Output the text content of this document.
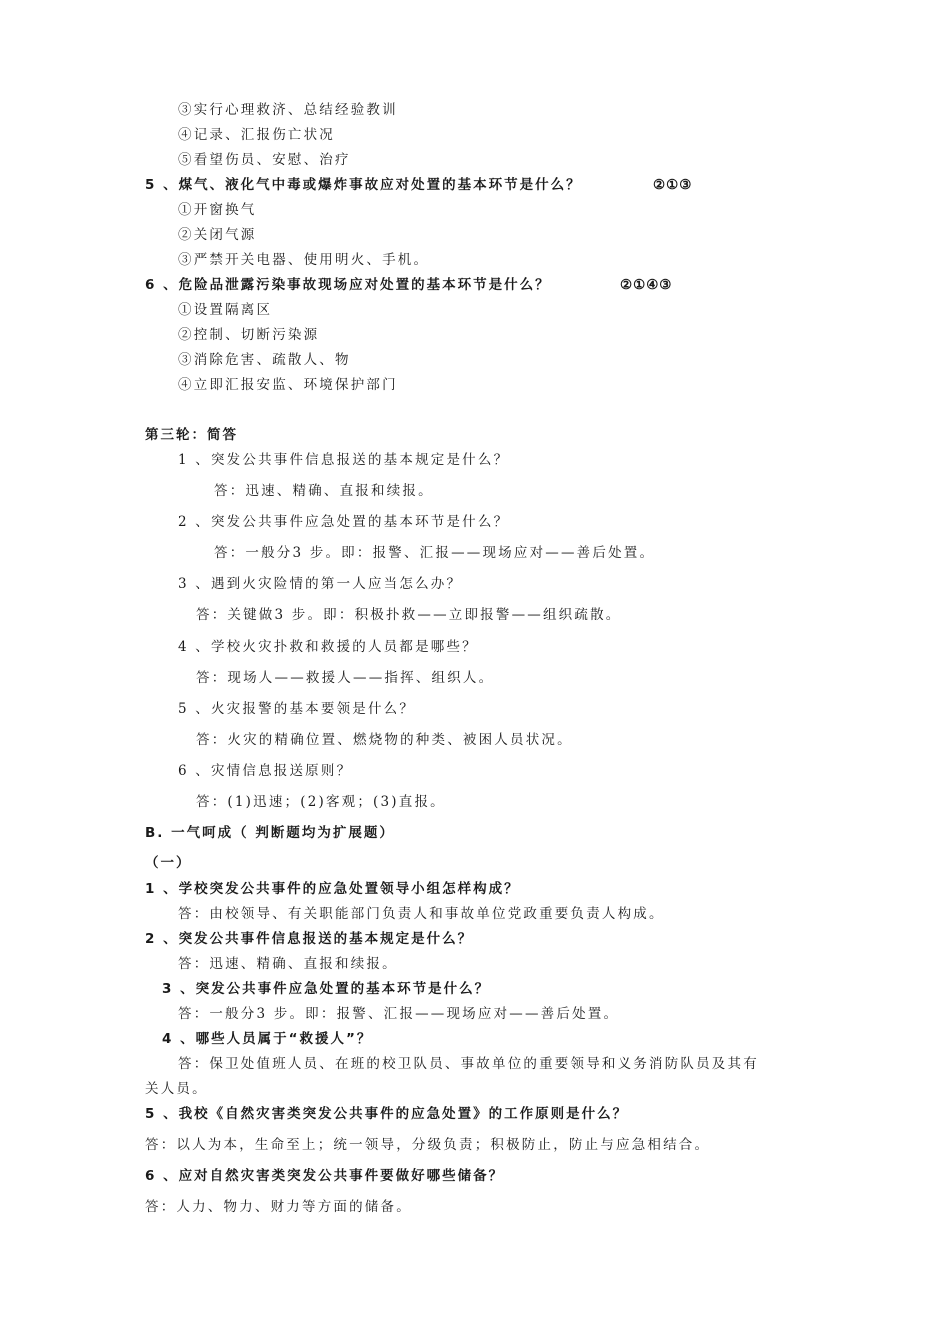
③实行心理救济、总结经验教训
④记录、汇报伤亡状况
⑤看望伤员、安慰、治疗
5 、煤气、液化气中毒或爆炸事故应对处置的基本环节是什么？	②①③
①开窗换气
②关闭气源
③严禁开关电器、使用明火、手机。
6 、危险品泄露污染事故现场应对处置的基本环节是什么？	②①④③
①设置隔离区
②控制、切断污染源
③消除危害、疏散人、物
④立即汇报安监、环境保护部门
第三轮：简答
1 、突发公共事件信息报送的基本规定是什么？
答：迅速、精确、直报和续报。
2 、突发公共事件应急处置的基本环节是什么？
答：一般分3 步。即：报警、汇报——现场应对——善后处置。
3 、遇到火灾险情的第一人应当怎么办？
答：关键做3 步。即：积极扑救——立即报警——组织疏散。
4 、学校火灾扑救和救援的人员都是哪些？
答：现场人——救援人——指挥、组织人。
5 、火灾报警的基本要领是什么？
答：火灾的精确位置、燃烧物的种类、被困人员状况。
6 、灾情信息报送原则？
答：(1)迅速；(2)客观；(3)直报。
B. 一气呵成（ 判断题均为扩展题）
（一）
1 、学校突发公共事件的应急处置领导小组怎样构成？
答：由校领导、有关职能部门负责人和事故单位党政重要负责人构成。
2 、突发公共事件信息报送的基本规定是什么？
答：迅速、精确、直报和续报。
3 、突发公共事件应急处置的基本环节是什么？
答：一般分3 步。即：报警、汇报——现场应对——善后处置。
4 、哪些人员属于“救援人”？
答：保卫处值班人员、在班的校卫队员、事故单位的重要领导和义务消防队员及其有
关人员。
5 、我校《自然灾害类突发公共事件的应急处置》的工作原则是什么？
答：以人为本，生命至上；统一领导，分级负责；积极防止，防止与应急相结合。
6 、应对自然灾害类突发公共事件要做好哪些储备？
答：人力、物力、财力等方面的储备。
